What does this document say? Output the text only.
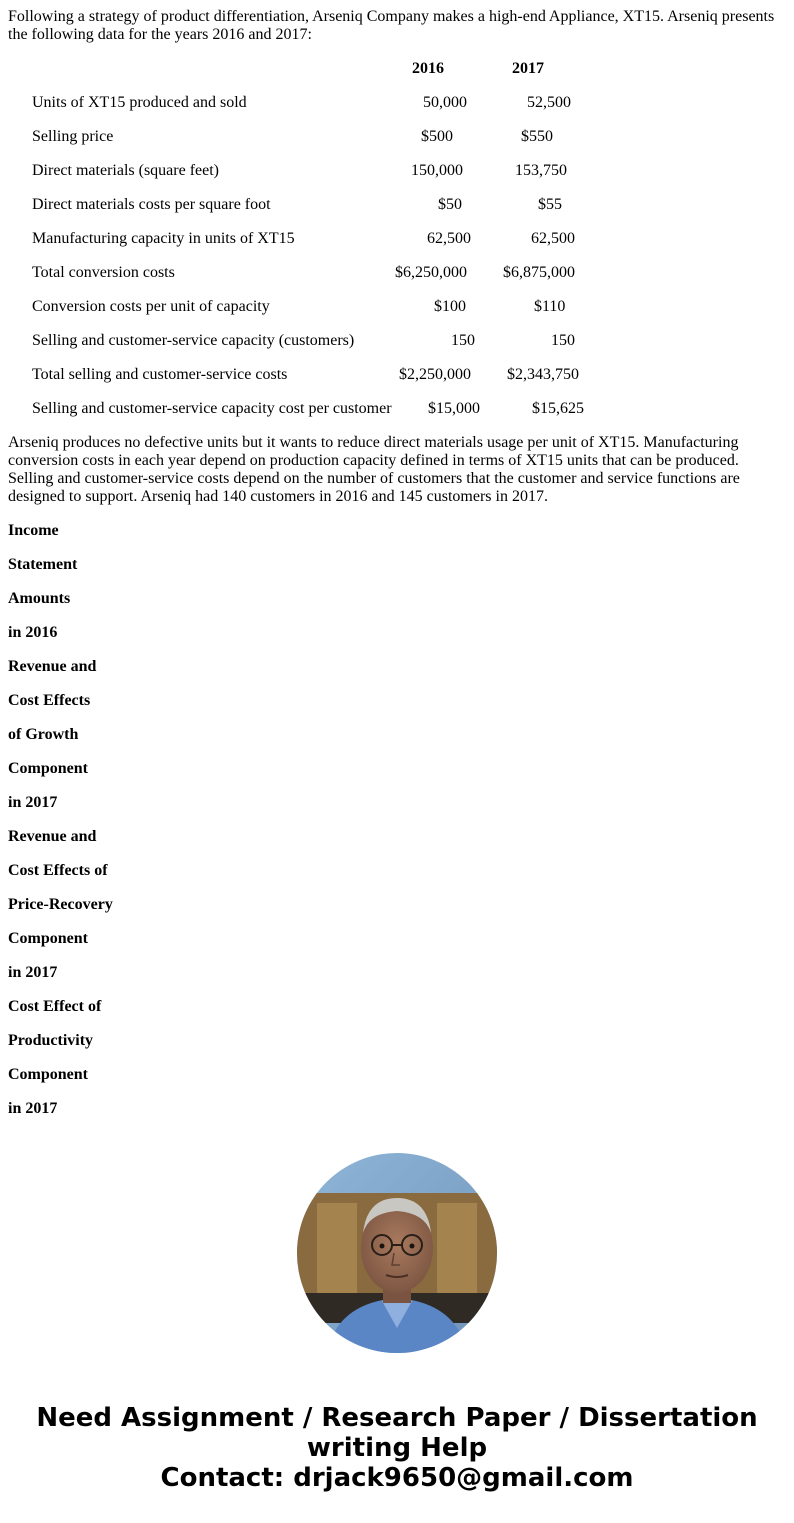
Following a strategy of product differentiation, Arseniq Company makes a high-end Appliance, XT15. Arseniq presents the following data for the years 2016 and 2017:

2016	2017
Units of XT15 produced and sold	50,000	52,500
Selling price	$500	$550
Direct materials (square feet)	150,000	153,750
Direct materials costs per square foot	$50	$55
Manufacturing capacity in units of XT15	62,500	62,500
Total conversion costs	$6,250,000 $6,875,000
Conversion costs per unit of capacity	$100	$110
Selling and customer-service capacity (customers)	150	150
Total selling and customer-service costs	$2,250,000 $2,343,750
Selling and customer-service capacity cost per customer $15,000	$15,625

Arseniq produces no defective units but it wants to reduce direct materials usage per unit of XT15. Manufacturing conversion costs in each year depend on production capacity defined in terms of XT15 units that can be produced. Selling and customer-service costs depend on the number of customers that the customer and service functions are designed to support. Arseniq had 140 customers in 2016 and 145 customers in 2017.

Income
Statement
Amounts
in 2016
Revenue and
Cost Effects
of Growth
Component
in 2017
Revenue and
Cost Effects of
Price-Recovery
Component
in 2017
Cost Effect of
Productivity
Component
in 2017
Need Assignment / Research Paper / Dissertation
writing Help
Contact: drjack9650@gmail.com
